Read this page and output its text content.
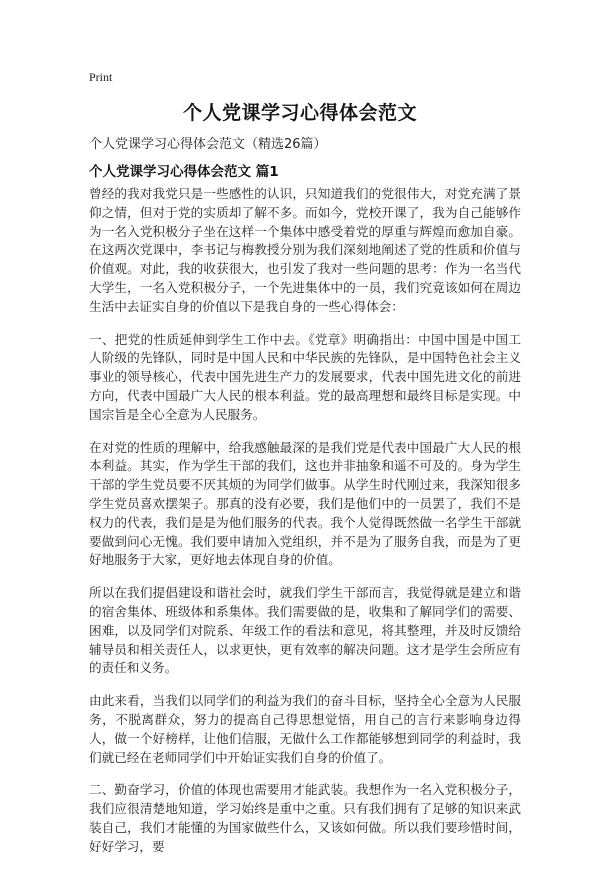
Print
个人党课学习心得体会范文
个人党课学习心得体会范文（精选26篇）
个人党课学习心得体会范文 篇1

曾经的我对我党只是一些感性的认识，只知道我们的党很伟大，对党充满了景仰之情，但对于党的实质却了解不多。而如今，党校开课了，我为自己能够作为一名入党积极分子坐在这样一个集体中感受着党的厚重与辉煌而愈加自豪。在这两次党课中，李书记与梅教授分别为我们深刻地阐述了党的性质和价值与价值观。对此，我的收获很大，也引发了我对一些问题的思考：作为一名当代大学生，一名入党积极分子，一个先进集体中的一员，我们究竟该如何在周边生活中去证实自身的价值以下是我自身的一些心得体会：

一、把党的性质延伸到学生工作中去。《党章》明确指出：中国中国是中国工人阶级的先锋队，同时是中国人民和中华民族的先锋队，是中国特色社会主义事业的领导核心，代表中国先进生产力的发展要求，代表中国先进文化的前进方向，代表中国最广大人民的根本利益。党的最高理想和最终目标是实现。中国宗旨是全心全意为人民服务。

在对党的性质的理解中，给我感触最深的是我们党是代表中国最广大人民的根本利益。其实，作为学生干部的我们，这也并非抽象和遥不可及的。身为学生干部的学生党员要不厌其烦的为同学们做事。从学生时代刚过来，我深知很多学生党员喜欢摆架子。那真的没有必要，我们是他们中的一员罢了，我们不是权力的代表，我们是是为他们服务的代表。我个人觉得既然做一名学生干部就要做到问心无愧。我们要申请加入党组织，并不是为了服务自我，而是为了更好地服务于大家，更好地去体现自身的价值。

所以在我们提倡建设和谐社会时，就我们学生干部而言，我觉得就是建立和谐的宿舍集体、班级体和系集体。我们需要做的是，收集和了解同学们的需要、困难，以及同学们对院系、年级工作的看法和意见，将其整理，并及时反馈给辅导员和相关责任人，以求更快，更有效率的解决问题。这才是学生会所应有的责任和义务。

由此来看，当我们以同学们的利益为我们的奋斗目标，坚持全心全意为人民服务，不脱离群众，努力的提高自己得思想觉悟，用自己的言行来影响身边得人，做一个好榜样，让他们信服，无做什么工作都能够想到同学的利益时，我们就已经在老师同学们中开始证实我们自身的价值了。

二、勤奋学习，价值的体现也需要用才能武装。我想作为一名入党积极分子，我们应很清楚地知道，学习始终是重中之重。只有我们拥有了足够的知识来武装自己，我们才能懂的为国家做些什么，又该如何做。所以我们要珍惜时间，好好学习，要
